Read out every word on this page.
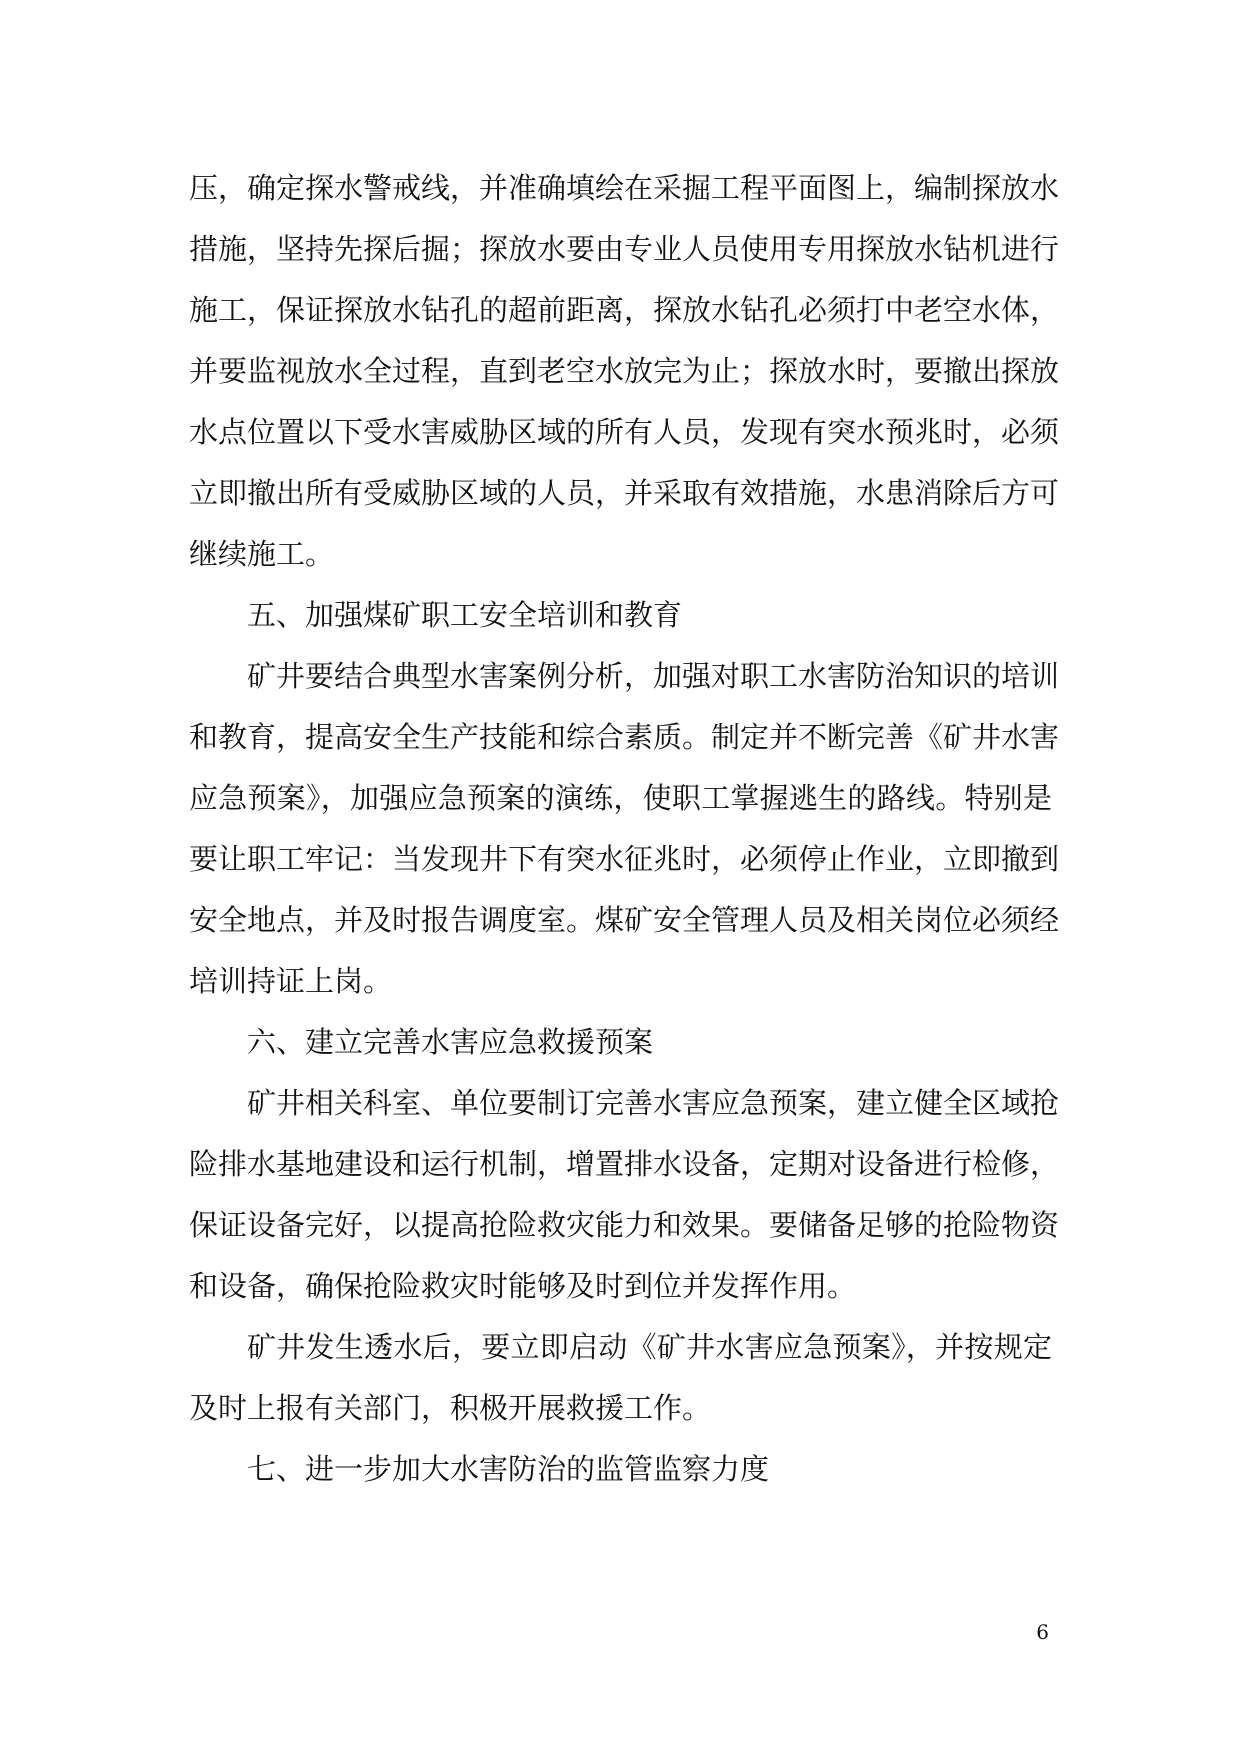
压，确定探水警戒线，并准确填绘在采掘工程平面图上，编制探放水
措施，坚持先探后掘；探放水要由专业人员使用专用探放水钻机进行
施工，保证探放水钻孔的超前距离，探放水钻孔必须打中老空水体，
并要监视放水全过程，直到老空水放完为止；探放水时，要撤出探放
水点位置以下受水害威胁区域的所有人员，发现有突水预兆时，必须
立即撤出所有受威胁区域的人员，并采取有效措施，水患消除后方可
继续施工。
五、加强煤矿职工安全培训和教育
矿井要结合典型水害案例分析，加强对职工水害防治知识的培训
和教育，提高安全生产技能和综合素质。制定并不断完善《矿井水害
应急预案》，加强应急预案的演练，使职工掌握逃生的路线。特别是
要让职工牢记：当发现井下有突水征兆时，必须停止作业，立即撤到
安全地点，并及时报告调度室。煤矿安全管理人员及相关岗位必须经
培训持证上岗。
六、建立完善水害应急救援预案
矿井相关科室、单位要制订完善水害应急预案，建立健全区域抢
险排水基地建设和运行机制，增置排水设备，定期对设备进行检修，
保证设备完好，以提高抢险救灾能力和效果。要储备足够的抢险物资
和设备，确保抢险救灾时能够及时到位并发挥作用。
矿井发生透水后，要立即启动《矿井水害应急预案》，并按规定
及时上报有关部门，积极开展救援工作。
七、进一步加大水害防治的监管监察力度
6
